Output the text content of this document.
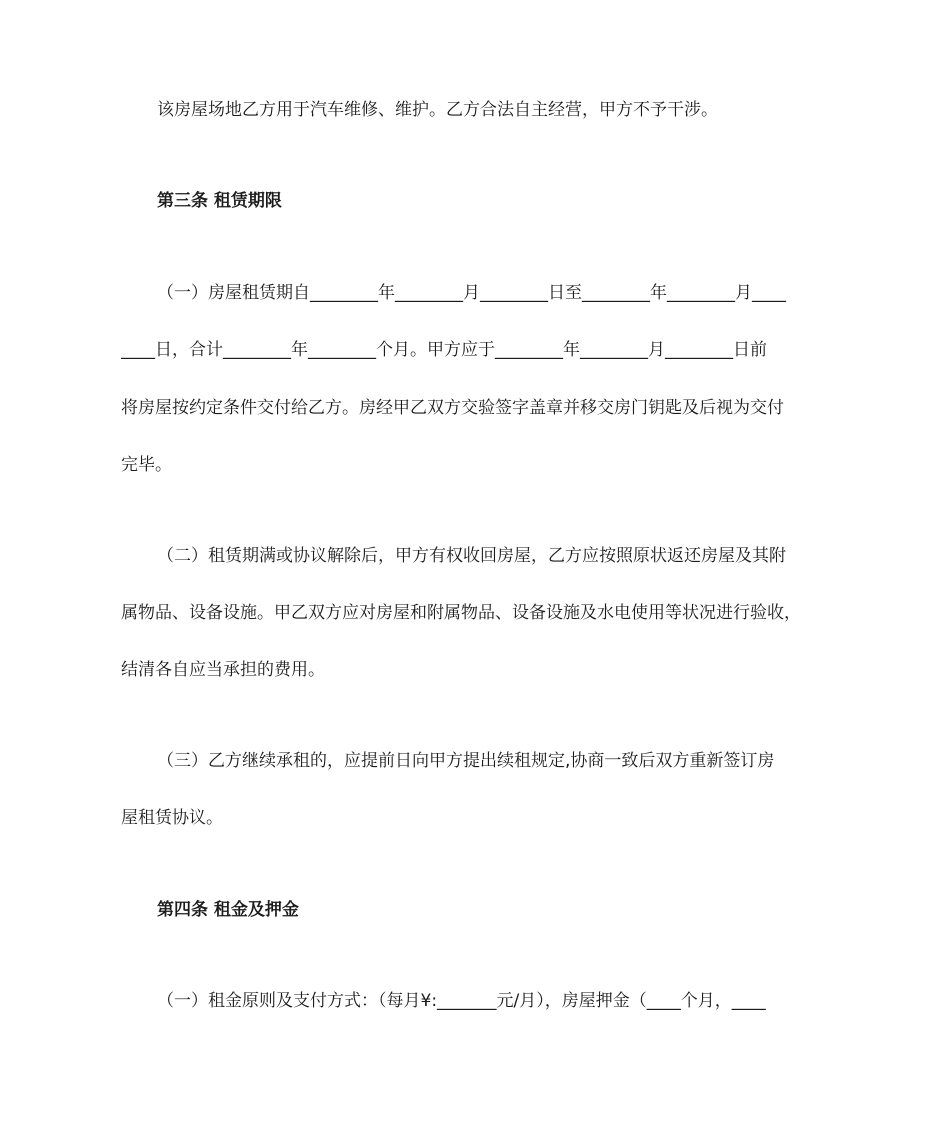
该房屋场地乙方用于汽车维修、维护。乙方合法自主经营，甲方不予干涉。
第三条 租赁期限
（一）房屋租赁期自________年________月________日至________年________月____
____日，合计________年________个月。甲方应于________年________月________日前
将房屋按约定条件交付给乙方。房经甲乙双方交验签字盖章并移交房门钥匙及后视为交付
完毕。
（二）租赁期满或协议解除后，甲方有权收回房屋，乙方应按照原状返还房屋及其附
属物品、设备设施。甲乙双方应对房屋和附属物品、设备设施及水电使用等状况进行验收，
结清各自应当承担的费用。
（三）乙方继续承租的，应提前日向甲方提出续租规定,协商一致后双方重新签订房
屋租赁协议。
第四条 租金及押金
（一）租金原则及支付方式：（每月¥:_______元/月），房屋押金（____个月，____
